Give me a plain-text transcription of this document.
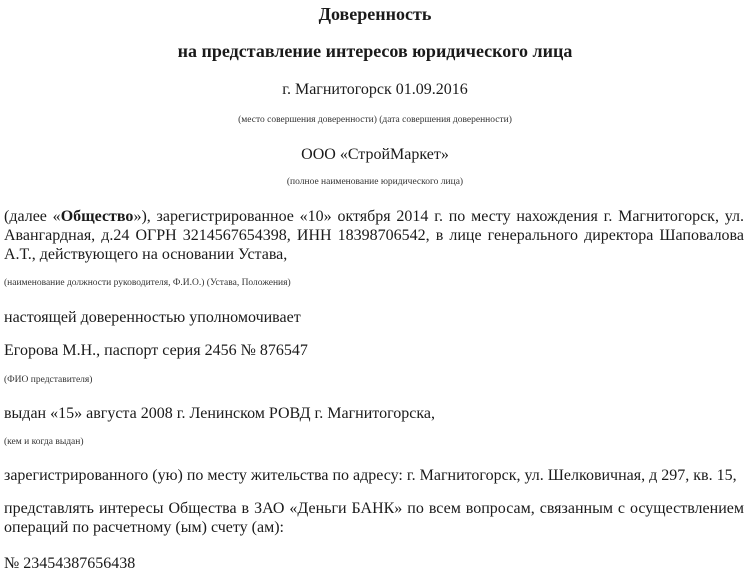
Доверенность
на представление интересов юридического лица
г. Магнитогорск 01.09.2016
(место совершения доверенности) (дата совершения доверенности)
ООО «СтройМаркет»
(полное наименование юридического лица)
(далее «Общество»), зарегистрированное «10» октября 2014 г. по месту нахождения г. Магнитогорск, ул.
Авангардная, д.24 ОГРН 3214567654398, ИНН 18398706542, в лице генерального директора Шаповалова
А.Т., действующего на основании Устава,
(наименование должности руководителя, Ф.И.О.) (Устава, Положения)
настоящей доверенностью уполномочивает
Егорова М.Н., паспорт серия 2456 № 876547
(ФИО представителя)
выдан «15» августа 2008 г. Ленинском РОВД г. Магнитогорска,
(кем и когда выдан)
зарегистрированного (ую) по месту жительства по адресу: г. Магнитогорск, ул. Шелковичная, д 297, кв. 15,
представлять интересы Общества в ЗАО «Деньги БАНК» по всем вопросам, связанным с осуществлением
операций по расчетному (ым) счету (ам):
№ 23454387656438
